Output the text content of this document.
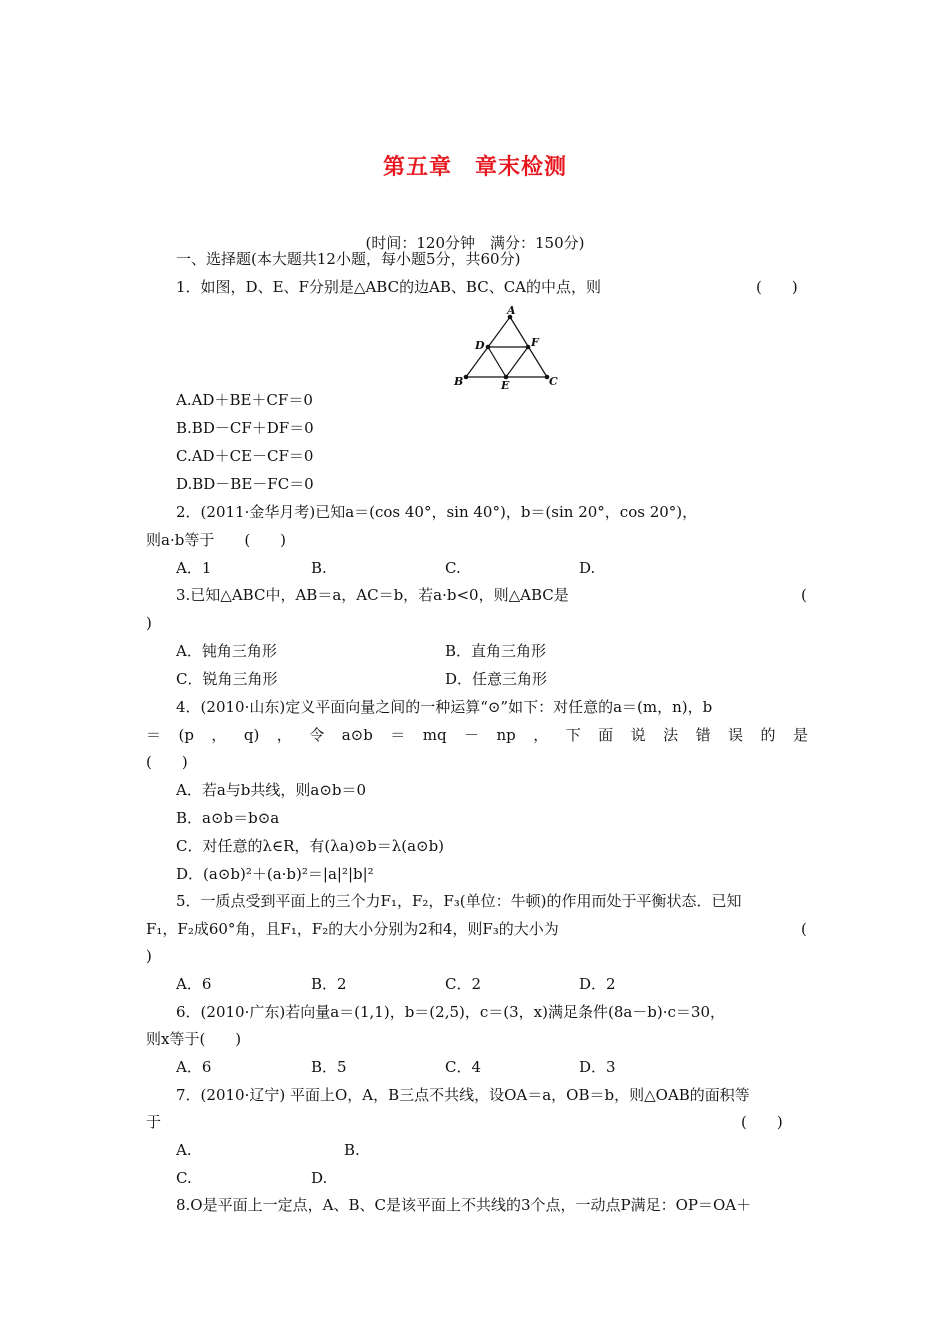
第五章　章末检测
(时间：120分钟　满分：150分)
一、选择题(本大题共12小题，每小题5分，共60分)
1．如图，D、E、F分别是△ABC的边AB、BC、CA的中点，则	(　　)
A
D	F
B	E	C
A.AD＋BE＋CF＝0
B.BD－CF＋DF＝0
C.AD＋CE－CF＝0
D.BD－BE－FC＝0
2．(2011·金华月考)已知a＝(cos 40°，sin 40°)，b＝(sin 20°，cos 20°)，
则a·b等于　　(　　)
A．1	B.	C.	D.
3.已知△ABC中，AB＝a，AC＝b，若a·b<0，则△ABC是	(
)
A．钝角三角形	B．直角三角形
C．锐角三角形	D．任意三角形
4．(2010·山东)定义平面向量之间的一种运算“⊙”如下：对任意的a＝(m，n)，b
＝ (p ， q) ， 令 a⊙b ＝ mq － np ， 下 面 说 法 错 误 的 是
(　　)
A．若a与b共线，则a⊙b＝0
B．a⊙b＝b⊙a
C．对任意的λ∈R，有(λa)⊙b＝λ(a⊙b)
D．(a⊙b)²＋(a·b)²＝|a|²|b|²
5．一质点受到平面上的三个力F₁，F₂，F₃(单位：牛顿)的作用而处于平衡状态．已知
F₁，F₂成60°角，且F₁，F₂的大小分别为2和4，则F₃的大小为	(
)
A．6	B．2	C．2	D．2
6．(2010·广东)若向量a＝(1,1)，b＝(2,5)，c＝(3，x)满足条件(8a－b)·c＝30，
则x等于(　　)
A．6	B．5	C．4	D．3
7．(2010·辽宁) 平面上O，A，B三点不共线，设OA＝a，OB＝b，则△OAB的面积等
于	(　　)
A.	B.
C.	D.
8.O是平面上一定点，A、B、C是该平面上不共线的3个点，一动点P满足：OP＝OA＋
